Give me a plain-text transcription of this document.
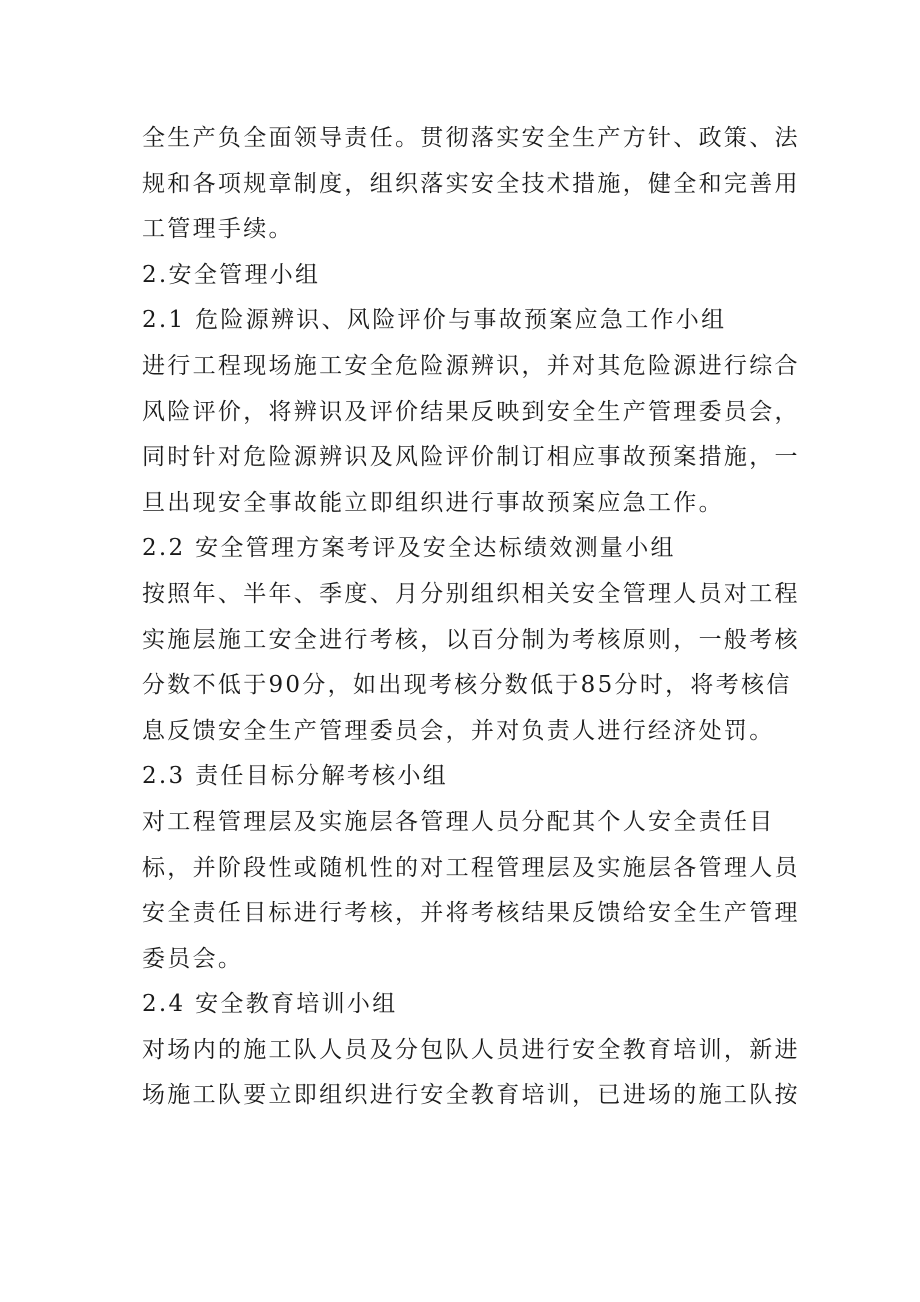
全生产负全面领导责任。贯彻落实安全生产方针、政策、法
规和各项规章制度，组织落实安全技术措施，健全和完善用
工管理手续。
2.安全管理小组
2.1 危险源辨识、风险评价与事故预案应急工作小组
进行工程现场施工安全危险源辨识，并对其危险源进行综合
风险评价，将辨识及评价结果反映到安全生产管理委员会，
同时针对危险源辨识及风险评价制订相应事故预案措施，一
旦出现安全事故能立即组织进行事故预案应急工作。
2.2 安全管理方案考评及安全达标绩效测量小组
按照年、半年、季度、月分别组织相关安全管理人员对工程
实施层施工安全进行考核，以百分制为考核原则，一般考核
分数不低于90分，如出现考核分数低于85分时，将考核信
息反馈安全生产管理委员会，并对负责人进行经济处罚。
2.3 责任目标分解考核小组
对工程管理层及实施层各管理人员分配其个人安全责任目
标，并阶段性或随机性的对工程管理层及实施层各管理人员
安全责任目标进行考核，并将考核结果反馈给安全生产管理
委员会。
2.4 安全教育培训小组
对场内的施工队人员及分包队人员进行安全教育培训，新进
场施工队要立即组织进行安全教育培训，已进场的施工队按
